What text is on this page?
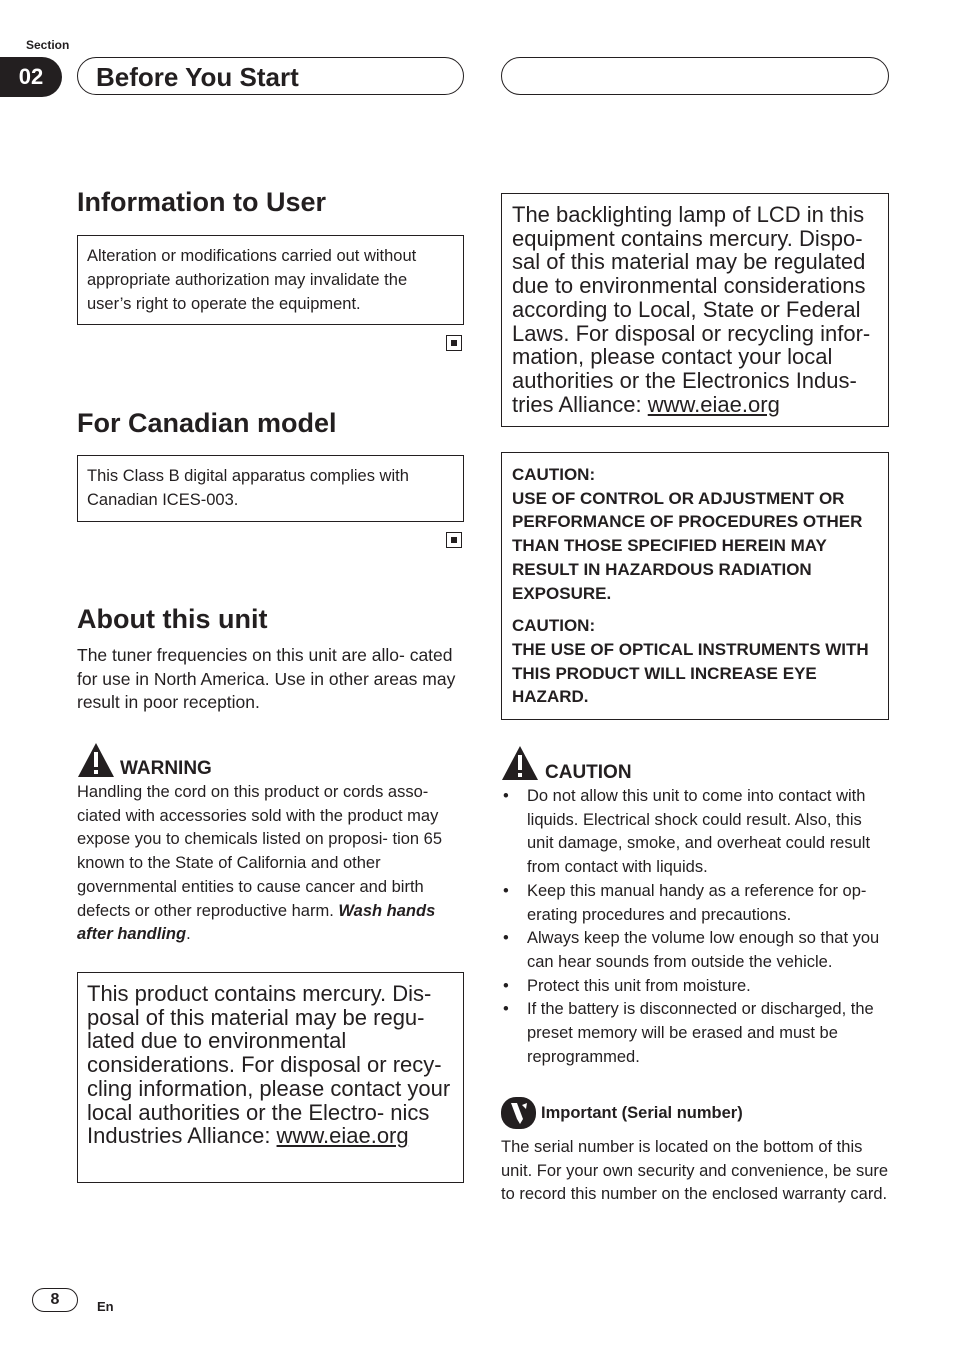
Section
02	Before You Start
Information to User
Alteration or modifications carried out without appropriate authorization may invalidate the user’s right to operate the equipment.
For Canadian model
This Class B digital apparatus complies with Canadian ICES-003.
About this unit
The tuner frequencies on this unit are allo- cated for use in North America. Use in other areas may result in poor reception.
WARNING
Handling the cord on this product or cords asso- ciated with accessories sold with the product may expose you to chemicals listed on proposi- tion 65 known to the State of California and other governmental entities to cause cancer and birth defects or other reproductive harm. Wash hands after handling.
This product contains mercury. Dis- posal of this material may be regu- lated due to environmental considerations. For disposal or recy- cling information, please contact your local authorities or the Electro- nics Industries Alliance: www.eiae.org
The backlighting lamp of LCD in this equipment contains mercury. Dispo- sal of this material may be regulated due to environmental considerations according to Local, State or Federal Laws. For disposal or recycling infor- mation, please contact your local authorities or the Electronics Indus- tries Alliance: www.eiae.org
CAUTION:
USE OF CONTROL OR ADJUSTMENT OR PERFORMANCE OF PROCEDURES OTHER THAN THOSE SPECIFIED HEREIN MAY RESULT IN HAZARDOUS RADIATION EXPOSURE.
CAUTION:
THE USE OF OPTICAL INSTRUMENTS WITH THIS PRODUCT WILL INCREASE EYE HAZARD.
CAUTION
• Do not allow this unit to come into contact with liquids. Electrical shock could result. Also, this unit damage, smoke, and overheat could result from contact with liquids.
• Keep this manual handy as a reference for op- erating procedures and precautions.
• Always keep the volume low enough so that you can hear sounds from outside the vehicle.
• Protect this unit from moisture.
• If the battery is disconnected or discharged, the preset memory will be erased and must be reprogrammed.
Important (Serial number)
The serial number is located on the bottom of this unit. For your own security and convenience, be sure to record this number on the enclosed warranty card.
8	En
